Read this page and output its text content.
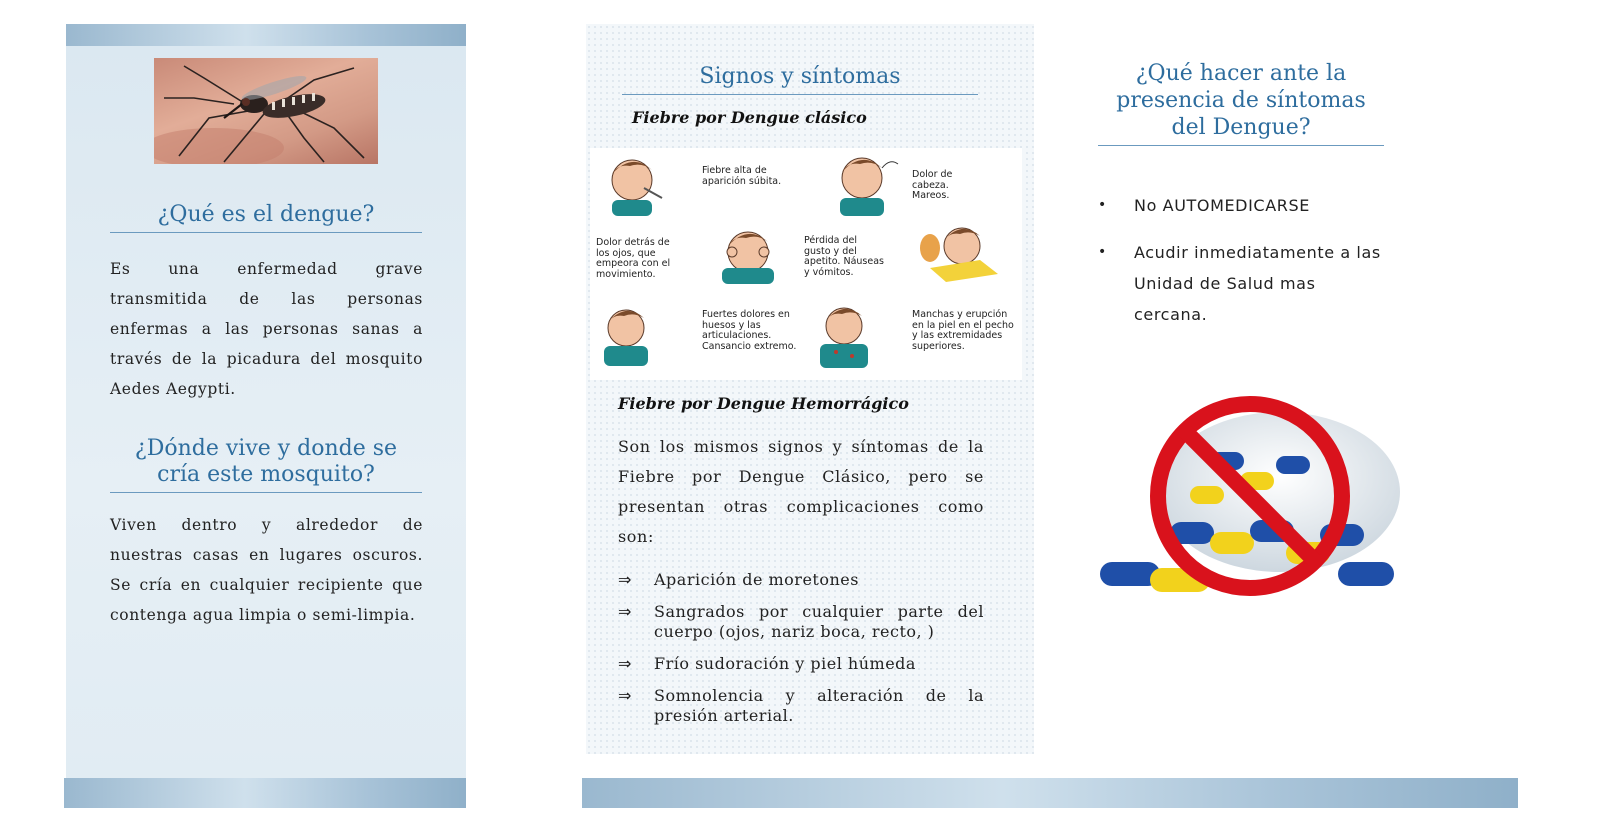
¿Qué es el dengue?
Es una enfermedad grave transmitida de las personas enfermas a las personas sanas a través de la picadura del mosquito Aedes Aegypti.
¿Dónde vive y donde se cría este mosquito?
Viven dentro y alrededor de nuestras casas en lugares oscuros. Se cría en cualquier recipiente que contenga agua limpia o semi-limpia.
Signos y síntomas
Fiebre por Dengue clásico
Fiebre alta de aparición súbita.
Dolor de cabeza. Mareos.
Dolor detrás de los ojos, que empeora con el movimiento.
Pérdida del gusto y del apetito. Náuseas y vómitos.
Fuertes dolores en huesos y las articulaciones. Cansancio extremo.
Manchas y erupción en la piel en el pecho y las extremidades superiores.
Fiebre por Dengue Hemorrágico
Son los mismos signos y síntomas de la Fiebre por Dengue Clásico, pero se presentan otras complicaciones como son:
⇒	Aparición de moretones
⇒	Sangrados por cualquier parte del cuerpo (ojos, nariz boca, recto, )
⇒	Frío sudoración y piel húmeda
⇒	Somnolencia y alteración de la presión arterial.
¿Qué hacer ante la presencia de síntomas del Dengue?
•	No AUTOMEDICARSE
•	Acudir inmediatamente a las Unidad de Salud mas cercana.
